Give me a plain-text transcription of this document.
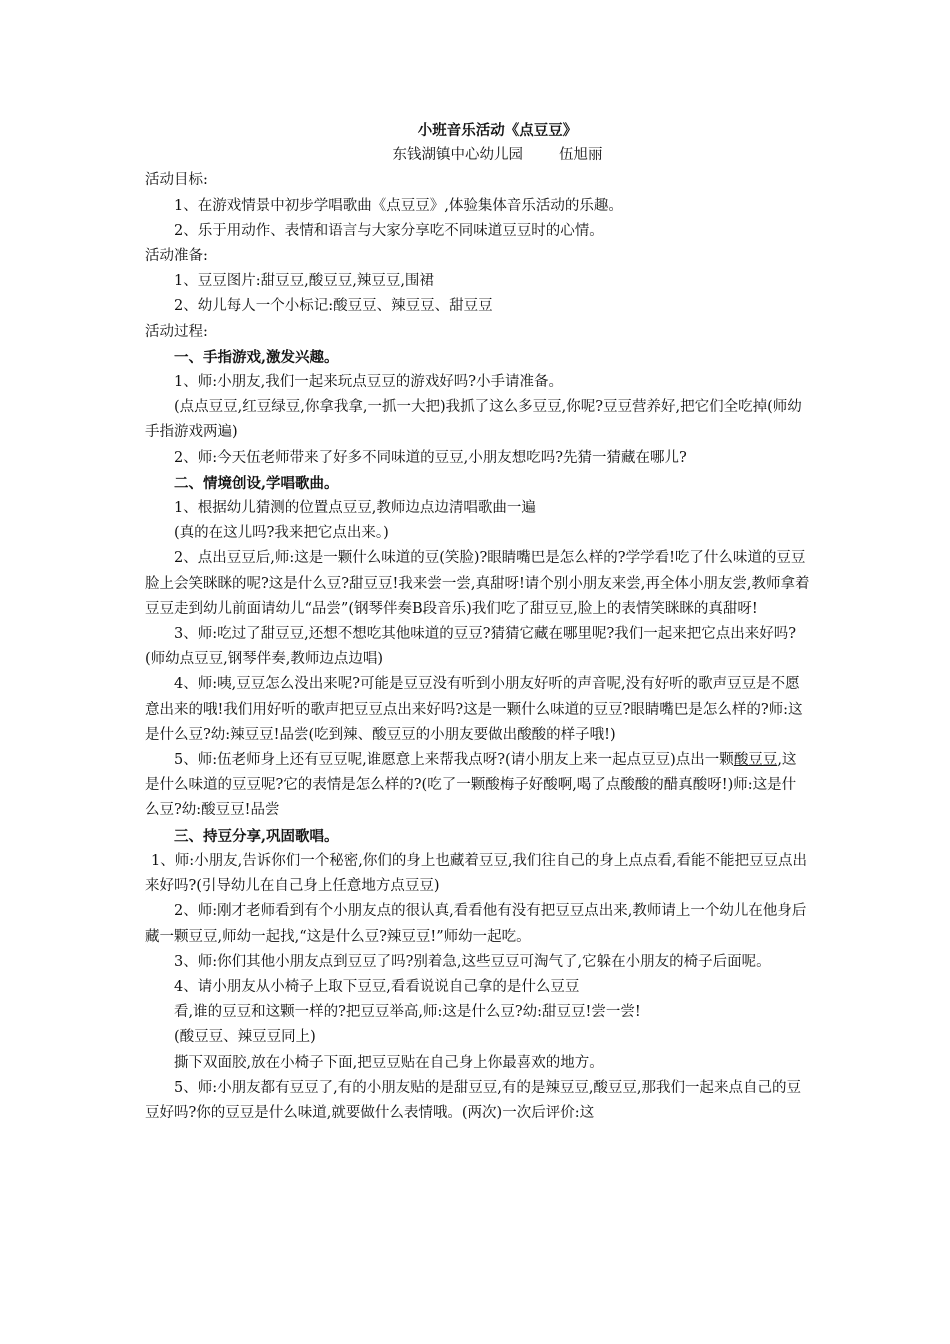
小班音乐活动《点豆豆》

东钱湖镇中心幼儿园 伍旭丽

活动目标:

1、在游戏情景中初步学唱歌曲《点豆豆》,体验集体音乐活动的乐趣。

2、乐于用动作、表情和语言与大家分享吃不同味道豆豆时的心情。

活动准备:

1、豆豆图片:甜豆豆,酸豆豆,辣豆豆,围裙

2、幼儿每人一个小标记:酸豆豆、辣豆豆、甜豆豆

活动过程:

一、手指游戏,激发兴趣。

1、师:小朋友,我们一起来玩点豆豆的游戏好吗?小手请准备。

(点点豆豆,红豆绿豆,你拿我拿,一抓一大把)我抓了这么多豆豆,你呢?豆豆营养好,把它们全吃掉(师幼手指游戏两遍)

2、师:今天伍老师带来了好多不同味道的豆豆,小朋友想吃吗?先猜一猜藏在哪儿?

二、情境创设,学唱歌曲。

1、根据幼儿猜测的位置点豆豆,教师边点边清唱歌曲一遍

(真的在这儿吗?我来把它点出来。)

2、点出豆豆后,师:这是一颗什么味道的豆(笑脸)?眼睛嘴巴是怎么样的?学学看!吃了什么味道的豆豆脸上会笑眯眯的呢?这是什么豆?甜豆豆!我来尝一尝,真甜呀!请个别小朋友来尝,再全体小朋友尝,教师拿着豆豆走到幼儿前面请幼儿“品尝”(钢琴伴奏B段音乐)我们吃了甜豆豆,脸上的表情笑眯眯的真甜呀!

3、师:吃过了甜豆豆,还想不想吃其他味道的豆豆?猜猜它藏在哪里呢?我们一起来把它点出来好吗?(师幼点豆豆,钢琴伴奏,教师边点边唱)

4、师:咦,豆豆怎么没出来呢?可能是豆豆没有听到小朋友好听的声音呢,没有好听的歌声豆豆是不愿意出来的哦!我们用好听的歌声把豆豆点出来好吗?这是一颗什么味道的豆豆?眼睛嘴巴是怎么样的?师:这是什么豆?幼:辣豆豆!品尝(吃到辣、酸豆豆的小朋友要做出酸酸的样子哦!)

5、师:伍老师身上还有豆豆呢,谁愿意上来帮我点呀?(请小朋友上来一起点豆豆)点出一颗酸豆豆,这是什么味道的豆豆呢?它的表情是怎么样的?(吃了一颗酸梅子好酸啊,喝了点酸酸的醋真酸呀!)师:这是什么豆?幼:酸豆豆!品尝

三、持豆分享,巩固歌唱。

1、师:小朋友,告诉你们一个秘密,你们的身上也藏着豆豆,我们往自己的身上点点看,看能不能把豆豆点出来好吗?(引导幼儿在自己身上任意地方点豆豆)

2、师:刚才老师看到有个小朋友点的很认真,看看他有没有把豆豆点出来,教师请上一个幼儿在他身后藏一颗豆豆,师幼一起找,“这是什么豆?辣豆豆!”师幼一起吃。

3、师:你们其他小朋友点到豆豆了吗?别着急,这些豆豆可淘气了,它躲在小朋友的椅子后面呢。

4、请小朋友从小椅子上取下豆豆,看看说说自己拿的是什么豆豆

看,谁的豆豆和这颗一样的?把豆豆举高,师:这是什么豆?幼:甜豆豆!尝一尝!

(酸豆豆、辣豆豆同上)

撕下双面胶,放在小椅子下面,把豆豆贴在自己身上你最喜欢的地方。

5、师:小朋友都有豆豆了,有的小朋友贴的是甜豆豆,有的是辣豆豆,酸豆豆,那我们一起来点自己的豆豆好吗?你的豆豆是什么味道,就要做什么表情哦。(两次)一次后评价:这
